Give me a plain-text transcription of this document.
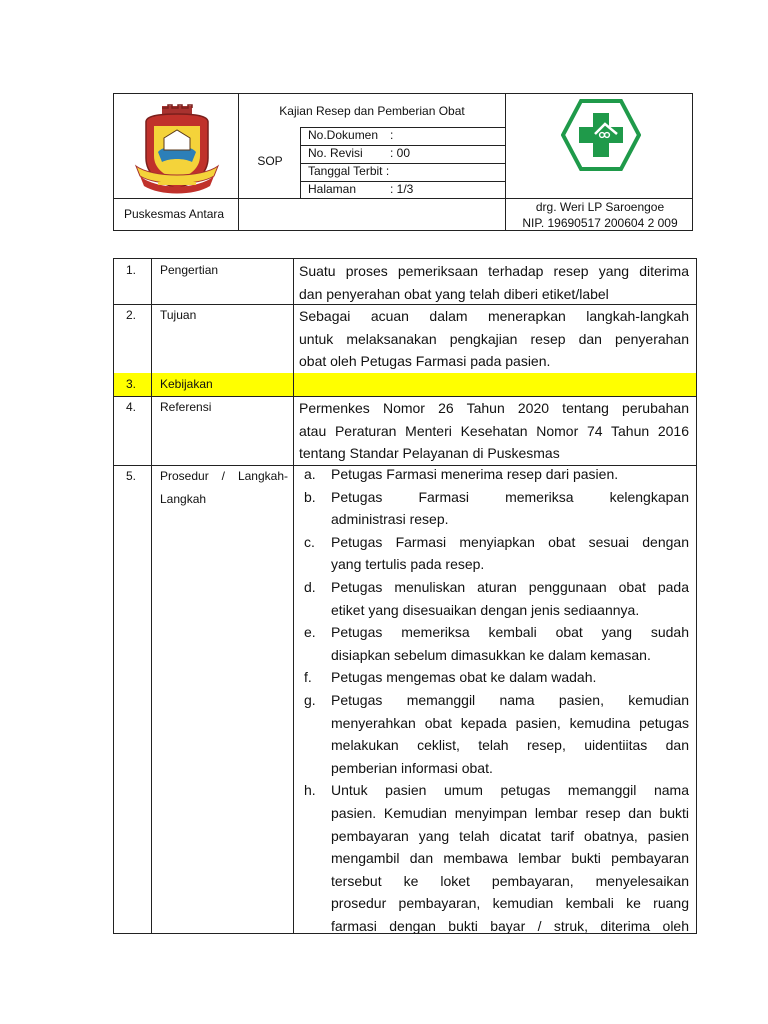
Kajian Resep dan Pemberian Obat
SOP
No.Dokumen :
No. Revisi : 00
Tanggal Terbit :
Halaman	: 1/3
Puskesmas Antara	drg. Weri LP Saroengoe
NIP. 19690517 200604 2 009
1. Pengertian	Suatu proses pemeriksaan terhadap resep yang diterima
dan penyerahan obat yang telah diberi etiket/label
2. Tujuan	Sebagai acuan dalam menerapkan langkah-langkah
untuk melaksanakan pengkajian resep dan penyerahan
obat oleh Petugas Farmasi pada pasien.
3. Kebijakan
4. Referensi	Permenkes Nomor 26 Tahun 2020 tentang perubahan
atau Peraturan Menteri Kesehatan Nomor 74 Tahun 2016
tentang Standar Pelayanan di Puskesmas
5. Prosedur / Langkah-
Langkah
a. Petugas Farmasi menerima resep dari pasien.
b. Petugas Farmasi memeriksa kelengkapan
administrasi resep.
c. Petugas Farmasi menyiapkan obat sesuai dengan
yang tertulis pada resep.
d. Petugas menuliskan aturan penggunaan obat pada
etiket yang disesuaikan dengan jenis sediaannya.
e. Petugas memeriksa kembali obat yang sudah
disiapkan sebelum dimasukkan ke dalam kemasan.
f. Petugas mengemas obat ke dalam wadah.
g. Petugas memanggil nama pasien, kemudian
menyerahkan obat kepada pasien, kemudina petugas
melakukan ceklist, telah resep, uidentiitas dan
pemberian informasi obat.
h. Untuk pasien umum petugas memanggil nama
pasien. Kemudian menyimpan lembar resep dan bukti
pembayaran yang telah dicatat tarif obatnya, pasien
mengambil dan membawa lembar bukti pembayaran
tersebut ke loket pembayaran, menyelesaikan
prosedur pembayaran, kemudian kembali ke ruang
farmasi dengan bukti bayar / struk, diterima oleh
